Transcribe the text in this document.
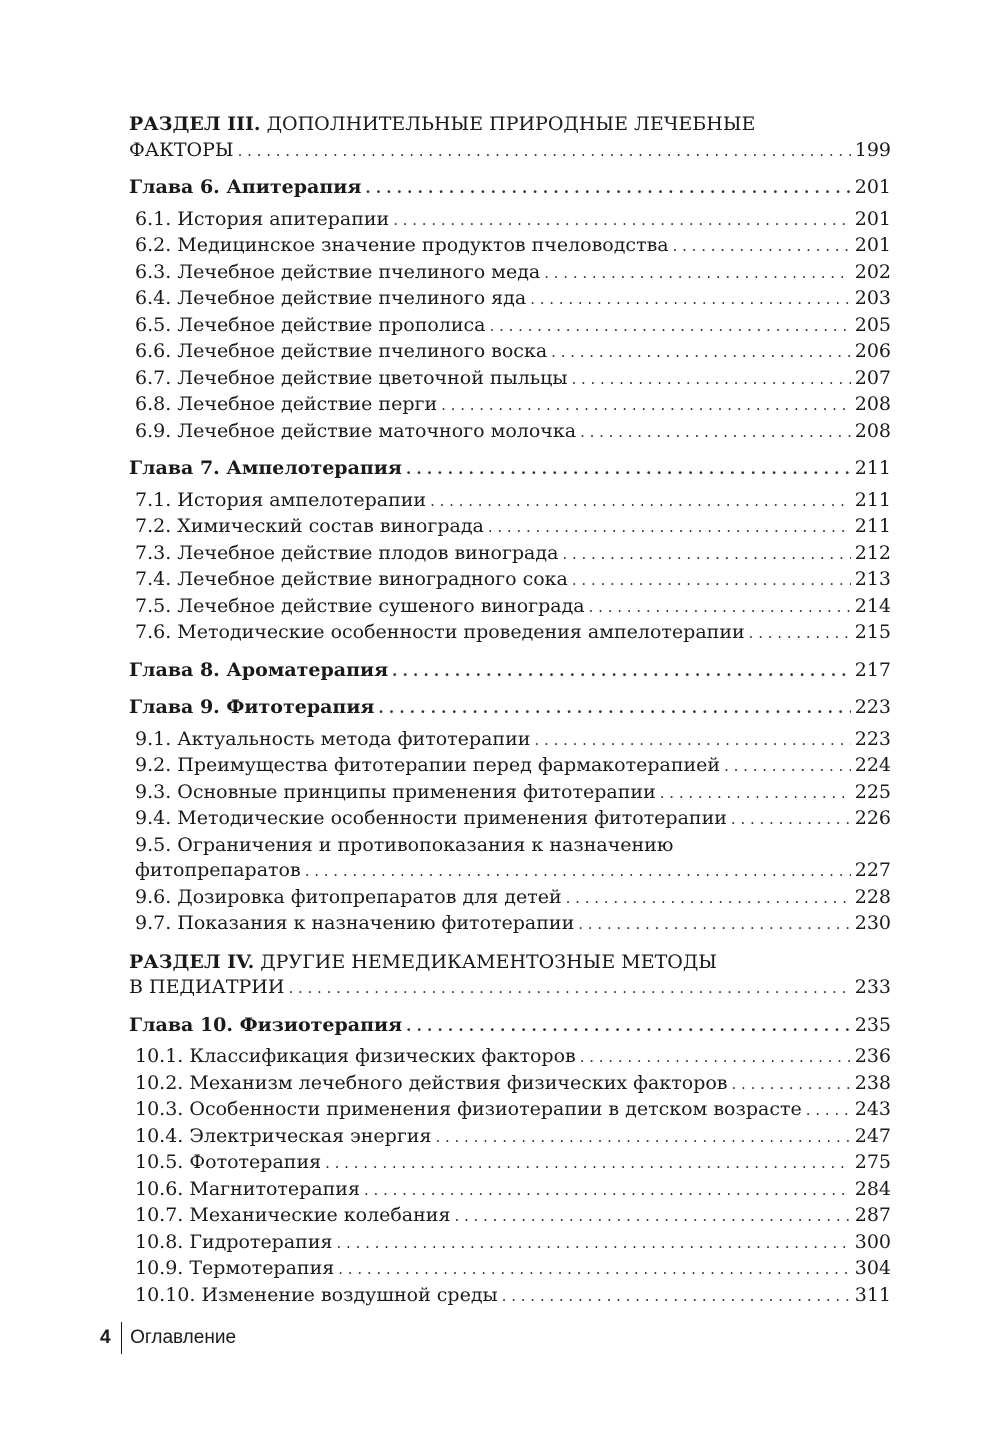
РАЗДЕЛ III. ДОПОЛНИТЕЛЬНЫЕ ПРИРОДНЫЕ ЛЕЧЕБНЫЕ
ФАКТОРЫ . . .	199
Глава 6. Апитерапия . . .	201
6.1. История апитерапии . . .	201
6.2. Медицинское значение продуктов пчеловодства . . .	201
6.3. Лечебное действие пчелиного меда . . .	202
6.4. Лечебное действие пчелиного яда . . .	203
6.5. Лечебное действие прополиса . . .	205
6.6. Лечебное действие пчелиного воска . . .	206
6.7. Лечебное действие цветочной пыльцы . . .	207
6.8. Лечебное действие перги . . .	208
6.9. Лечебное действие маточного молочка . . .	208
Глава 7. Ампелотерапия . . .	211
7.1. История ампелотерапии . . .	211
7.2. Химический состав винограда . . .	211
7.3. Лечебное действие плодов винограда . . .	212
7.4. Лечебное действие виноградного сока . . .	213
7.5. Лечебное действие сушеного винограда . . .	214
7.6. Методические особенности проведения ампелотерапии . . .	215
Глава 8. Ароматерапия . . .	217
Глава 9. Фитотерапия . . .	223
9.1. Актуальность метода фитотерапии . . .	223
9.2. Преимущества фитотерапии перед фармакотерапией . . .	224
9.3. Основные принципы применения фитотерапии . . .	225
9.4. Методические особенности применения фитотерапии . . .	226
9.5. Ограничения и противопоказания к назначению
фитопрепаратов . . .	227
9.6. Дозировка фитопрепаратов для детей . . .	228
9.7. Показания к назначению фитотерапии . . .	230
РАЗДЕЛ IV. ДРУГИЕ НЕМЕДИКАМЕНТОЗНЫЕ МЕТОДЫ
В ПЕДИАТРИИ . . .	233
Глава 10. Физиотерапия . . .	235
10.1. Классификация физических факторов . . .	236
10.2. Механизм лечебного действия физических факторов . . .	238
10.3. Особенности применения физиотерапии в детском возрасте . . .	243
10.4. Электрическая энергия . . .	247
10.5. Фототерапия . . .	275
10.6. Магнитотерапия . . .	284
10.7. Механические колебания . . .	287
10.8. Гидротерапия . . .	300
10.9. Термотерапия . . .	304
10.10. Изменение воздушной среды . . .	311
4	Оглавление
